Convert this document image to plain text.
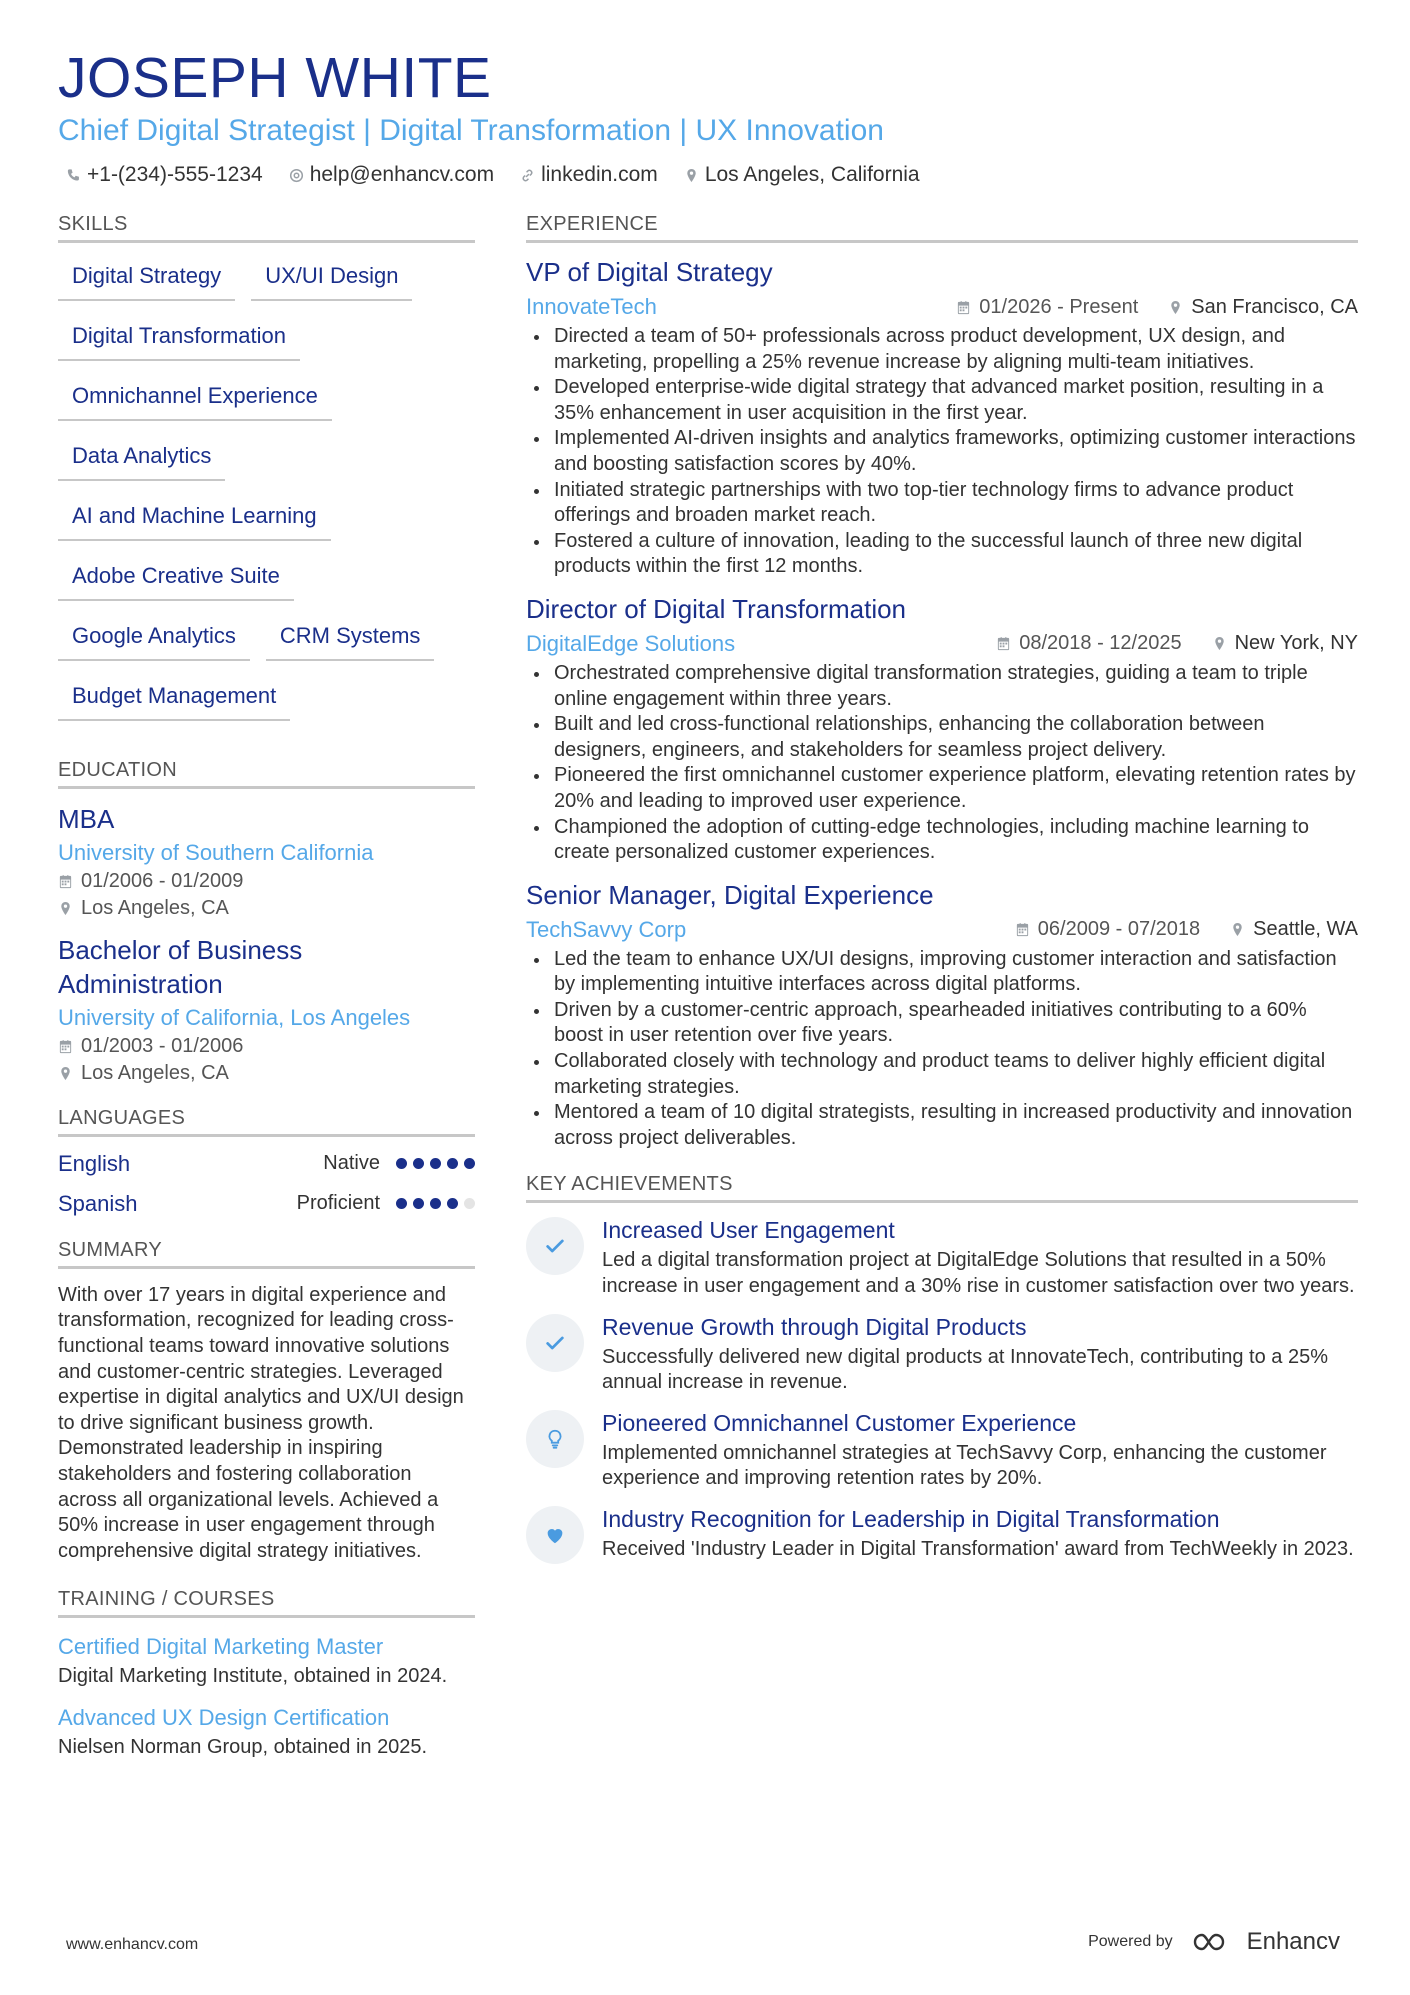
JOSEPH WHITE
Chief Digital Strategist | Digital Transformation | UX Innovation
+1-(234)-555-1234 help@enhancv.com linkedin.com Los Angeles, California
SKILLS
Digital Strategy	UX/UI Design
Digital Transformation
Omnichannel Experience
Data Analytics
AI and Machine Learning
Adobe Creative Suite
Google Analytics	CRM Systems
Budget Management
EDUCATION
MBA
University of Southern California
01/2006 - 01/2009
Los Angeles, CA
Bachelor of Business Administration
University of California, Los Angeles
01/2003 - 01/2006
Los Angeles, CA
LANGUAGES
English	Native
Spanish	Proficient
SUMMARY
With over 17 years in digital experience and transformation, recognized for leading cross-functional teams toward innovative solutions and customer-centric strategies. Leveraged expertise in digital analytics and UX/UI design to drive significant business growth. Demonstrated leadership in inspiring stakeholders and fostering collaboration across all organizational levels. Achieved a 50% increase in user engagement through comprehensive digital strategy initiatives.
TRAINING / COURSES
Certified Digital Marketing Master
Digital Marketing Institute, obtained in 2024.
Advanced UX Design Certification
Nielsen Norman Group, obtained in 2025.
EXPERIENCE
VP of Digital Strategy
InnovateTech	01/2026 - Present	San Francisco, CA
Directed a team of 50+ professionals across product development, UX design, and marketing, propelling a 25% revenue increase by aligning multi-team initiatives.
Developed enterprise-wide digital strategy that advanced market position, resulting in a 35% enhancement in user acquisition in the first year.
Implemented AI-driven insights and analytics frameworks, optimizing customer interactions and boosting satisfaction scores by 40%.
Initiated strategic partnerships with two top-tier technology firms to advance product offerings and broaden market reach.
Fostered a culture of innovation, leading to the successful launch of three new digital products within the first 12 months.
Director of Digital Transformation
DigitalEdge Solutions	08/2018 - 12/2025	New York, NY
Orchestrated comprehensive digital transformation strategies, guiding a team to triple online engagement within three years.
Built and led cross-functional relationships, enhancing the collaboration between designers, engineers, and stakeholders for seamless project delivery.
Pioneered the first omnichannel customer experience platform, elevating retention rates by 20% and leading to improved user experience.
Championed the adoption of cutting-edge technologies, including machine learning to create personalized customer experiences.
Senior Manager, Digital Experience
TechSavvy Corp	06/2009 - 07/2018	Seattle, WA
Led the team to enhance UX/UI designs, improving customer interaction and satisfaction by implementing intuitive interfaces across digital platforms.
Driven by a customer-centric approach, spearheaded initiatives contributing to a 60% boost in user retention over five years.
Collaborated closely with technology and product teams to deliver highly efficient digital marketing strategies.
Mentored a team of 10 digital strategists, resulting in increased productivity and innovation across project deliverables.
KEY ACHIEVEMENTS
Increased User Engagement
Led a digital transformation project at DigitalEdge Solutions that resulted in a 50% increase in user engagement and a 30% rise in customer satisfaction over two years.
Revenue Growth through Digital Products
Successfully delivered new digital products at InnovateTech, contributing to a 25% annual increase in revenue.
Pioneered Omnichannel Customer Experience
Implemented omnichannel strategies at TechSavvy Corp, enhancing the customer experience and improving retention rates by 20%.
Industry Recognition for Leadership in Digital Transformation
Received 'Industry Leader in Digital Transformation' award from TechWeekly in 2023.
www.enhancv.com	Powered by	Enhancv
